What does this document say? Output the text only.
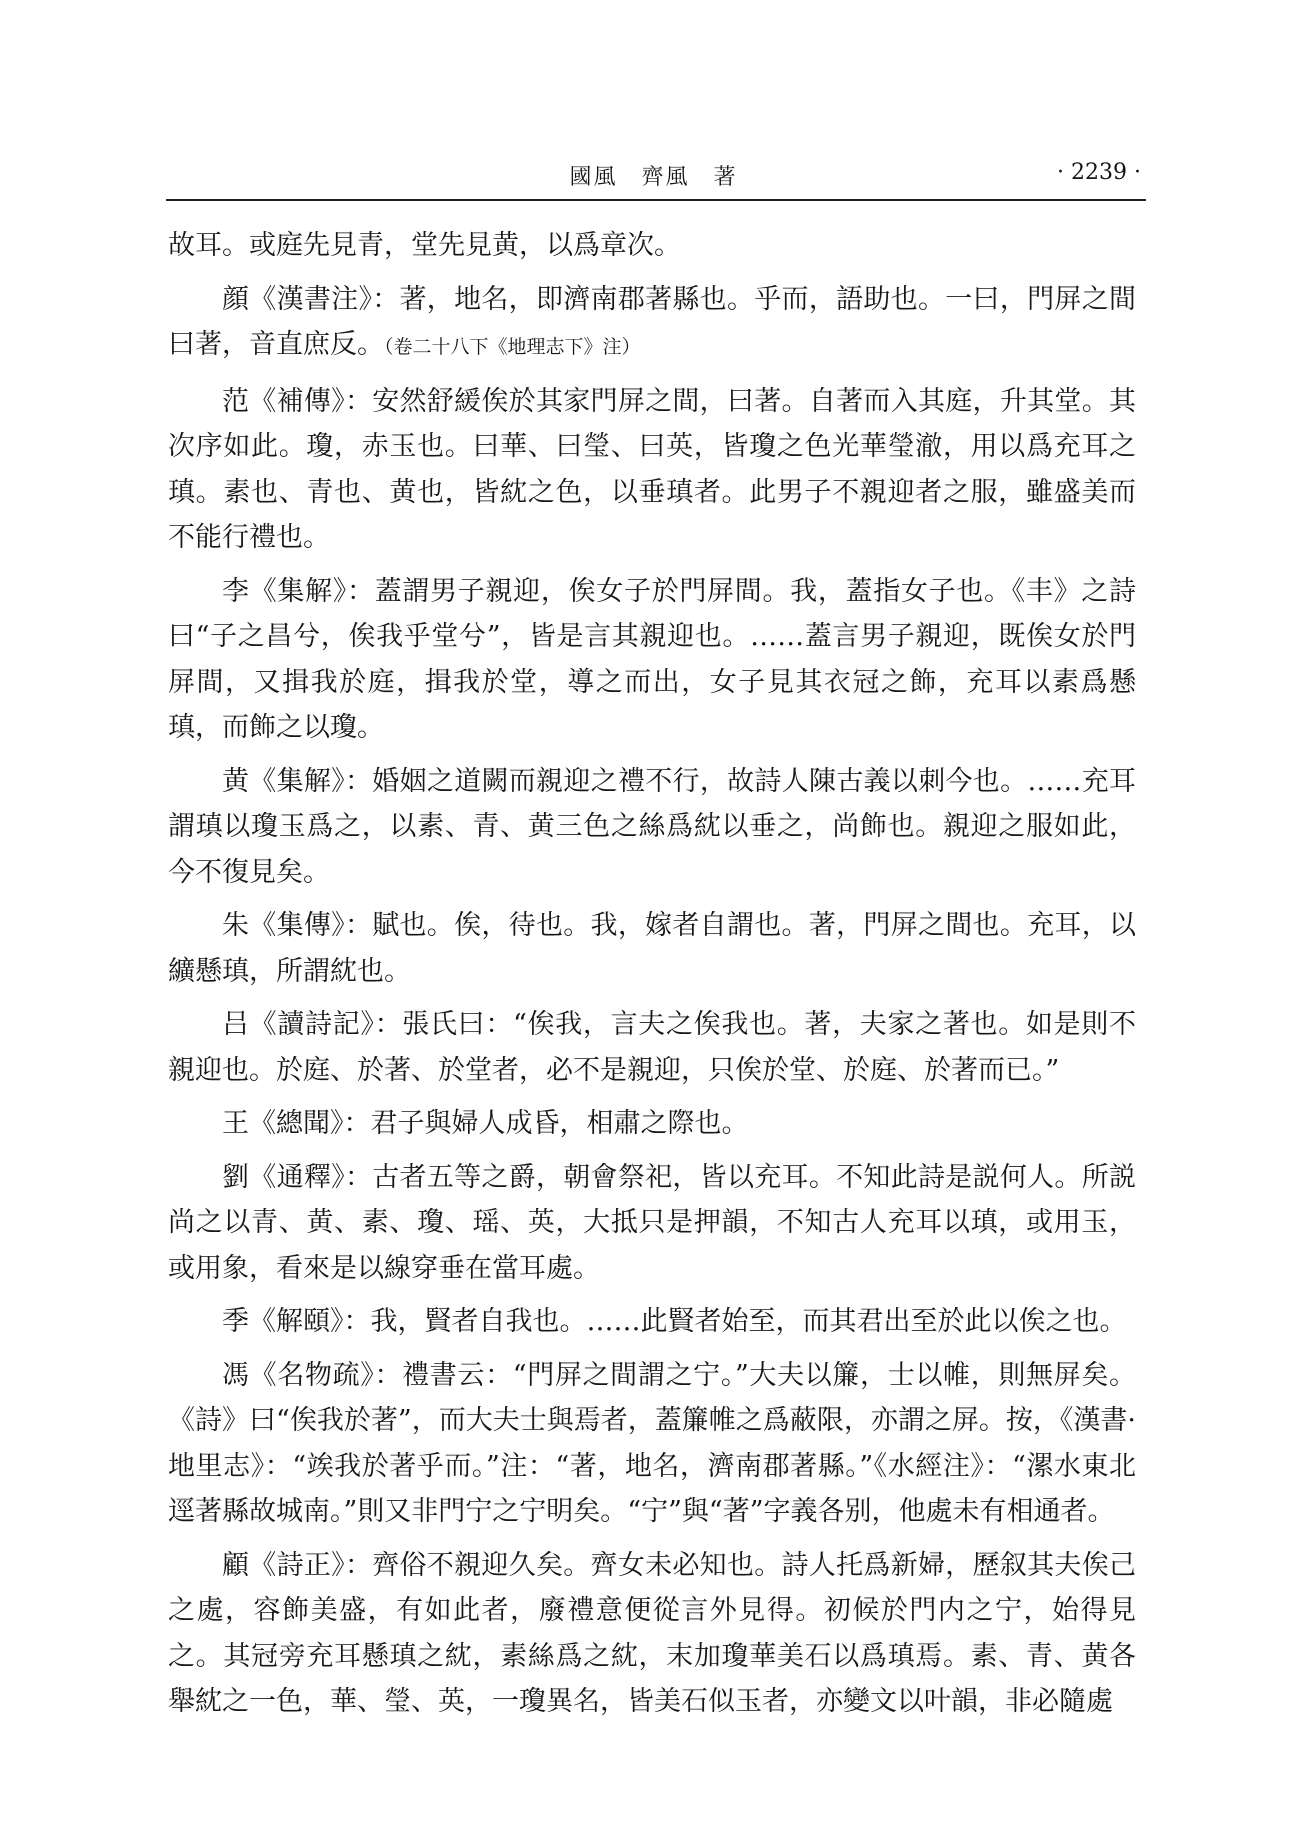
國風　齊風　著	· 2239 ·

故耳。或庭先見青，堂先見黄，以爲章次。

顔《漢書注》：著，地名，即濟南郡著縣也。乎而，語助也。一曰，門屏之間曰著，音直庶反。（卷二十八下《地理志下》注）

范《補傳》：安然舒緩俟於其家門屏之間，曰著。自著而入其庭，升其堂。其次序如此。瓊，赤玉也。曰華、曰瑩、曰英，皆瓊之色光華瑩澈，用以爲充耳之瑱。素也、青也、黄也，皆紞之色，以垂瑱者。此男子不親迎者之服，雖盛美而不能行禮也。

李《集解》：蓋謂男子親迎，俟女子於門屏間。我，蓋指女子也。《丰》之詩曰“子之昌兮，俟我乎堂兮”，皆是言其親迎也。……蓋言男子親迎，既俟女於門屏間，又揖我於庭，揖我於堂，導之而出，女子見其衣冠之飾，充耳以素爲懸瑱，而飾之以瓊。

黄《集解》：婚姻之道闕而親迎之禮不行，故詩人陳古義以刺今也。……充耳謂瑱以瓊玉爲之，以素、青、黄三色之絲爲紞以垂之，尚飾也。親迎之服如此，今不復見矣。

朱《集傳》：賦也。俟，待也。我，嫁者自謂也。著，門屏之間也。充耳，以纊懸瑱，所謂紞也。

吕《讀詩記》：張氏曰：“俟我，言夫之俟我也。著，夫家之著也。如是則不親迎也。於庭、於著、於堂者，必不是親迎，只俟於堂、於庭、於著而已。”

王《總聞》：君子與婦人成昏，相肅之際也。

劉《通釋》：古者五等之爵，朝會祭祀，皆以充耳。不知此詩是説何人。所説尚之以青、黄、素、瓊、瑶、英，大抵只是押韻，不知古人充耳以瑱，或用玉，或用象，看來是以線穿垂在當耳處。

季《解頤》：我，賢者自我也。……此賢者始至，而其君出至於此以俟之也。

馮《名物疏》：禮書云：“門屏之間謂之宁。”大夫以簾，士以帷，則無屏矣。《詩》曰“俟我於著”，而大夫士與焉者，蓋簾帷之爲蔽限，亦謂之屏。按，《漢書·地里志》：“竢我於著乎而。”注：“著，地名，濟南郡著縣。”《水經注》：“漯水東北逕著縣故城南。”則又非門宁之宁明矣。“宁”與“著”字義各别，他處未有相通者。

顧《詩正》：齊俗不親迎久矣。齊女未必知也。詩人托爲新婦，歷叙其夫俟己之處，容飾美盛，有如此者，廢禮意便從言外見得。初候於門内之宁，始得見之。其冠旁充耳懸瑱之紞，素絲爲之紞，末加瓊華美石以爲瑱焉。素、青、黄各舉紞之一色，華、瑩、英，一瓊異名，皆美石似玉者，亦變文以叶韻，非必隨處
